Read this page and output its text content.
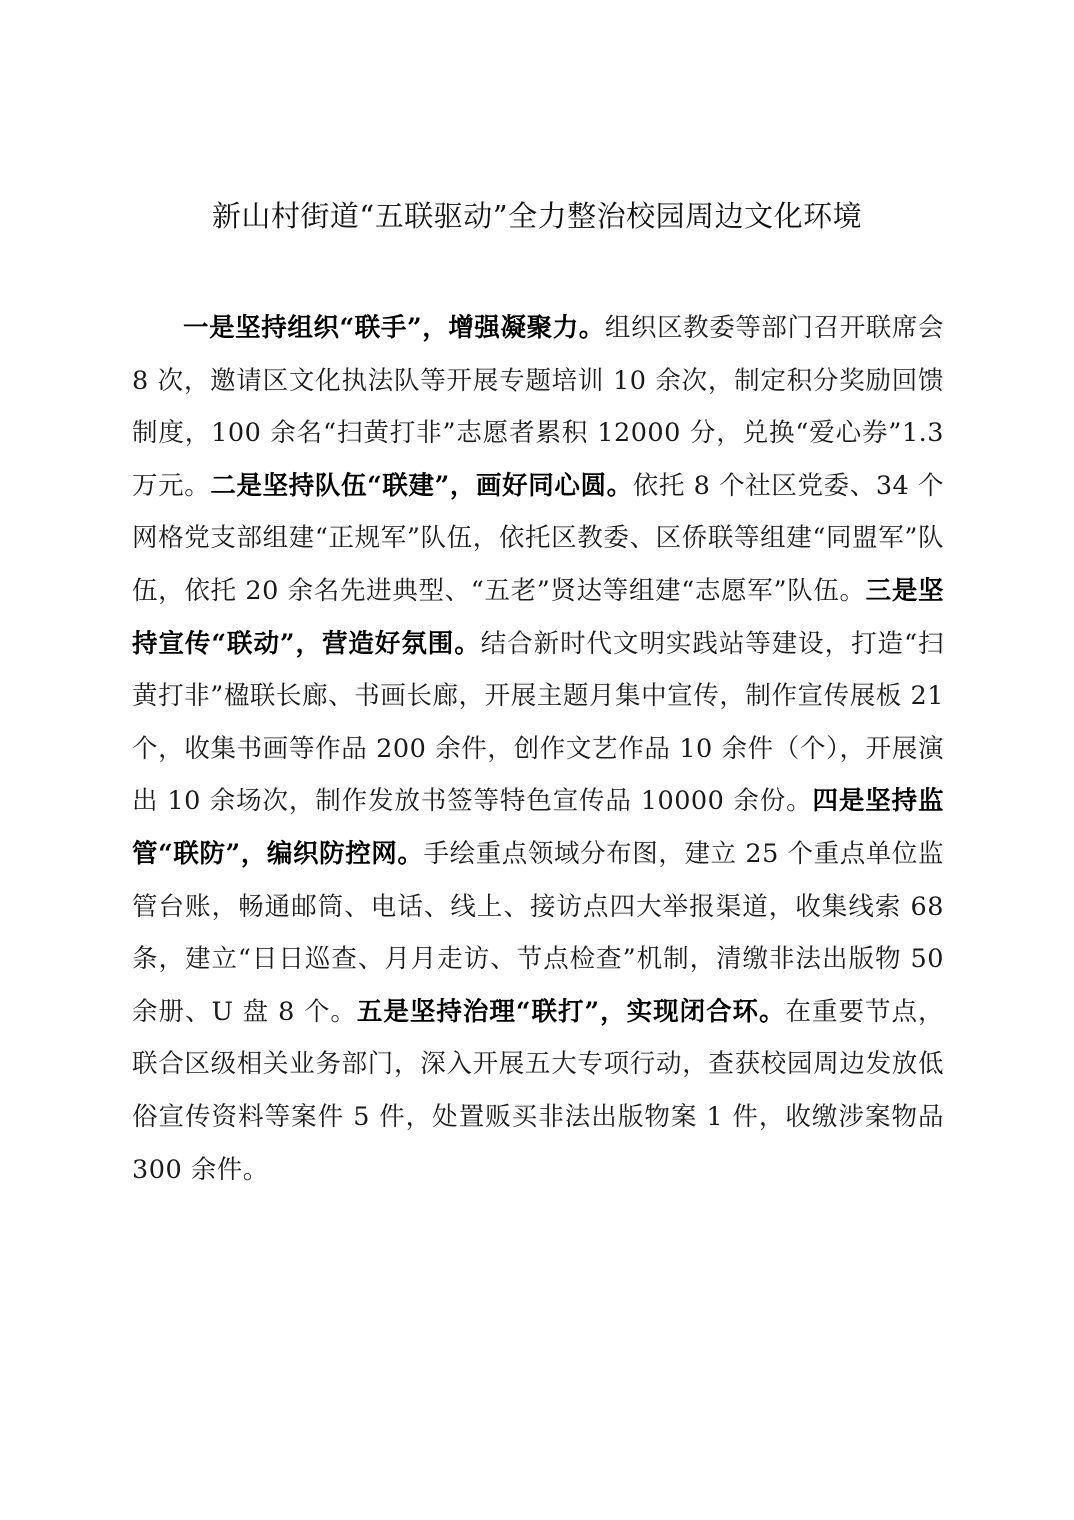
新山村街道“五联驱动”全力整治校园周边文化环境

一是坚持组织“联手”，增强凝聚力。组织区教委等部门召开联席会 8 次，邀请区文化执法队等开展专题培训 10 余次，制定积分奖励回馈制度，100 余名“扫黄打非”志愿者累积 12000 分，兑换“爱心券”1.3 万元。二是坚持队伍“联建”，画好同心圆。依托 8 个社区党委、34 个网格党支部组建“正规军”队伍，依托区教委、区侨联等组建“同盟军”队伍，依托 20 余名先进典型、“五老”贤达等组建“志愿军”队伍。三是坚持宣传“联动”，营造好氛围。结合新时代文明实践站等建设，打造“扫黄打非”楹联长廊、书画长廊，开展主题月集中宣传，制作宣传展板 21 个，收集书画等作品 200 余件，创作文艺作品 10 余件（个），开展演出 10 余场次，制作发放书签等特色宣传品 10000 余份。四是坚持监管“联防”，编织防控网。手绘重点领域分布图，建立 25 个重点单位监管台账，畅通邮筒、电话、线上、接访点四大举报渠道，收集线索 68 条，建立“日日巡查、月月走访、节点检查”机制，清缴非法出版物 50 余册、U 盘 8 个。五是坚持治理“联打”，实现闭合环。在重要节点，联合区级相关业务部门，深入开展五大专项行动，查获校园周边发放低俗宣传资料等案件 5 件，处置贩买非法出版物案 1 件，收缴涉案物品 300 余件。
